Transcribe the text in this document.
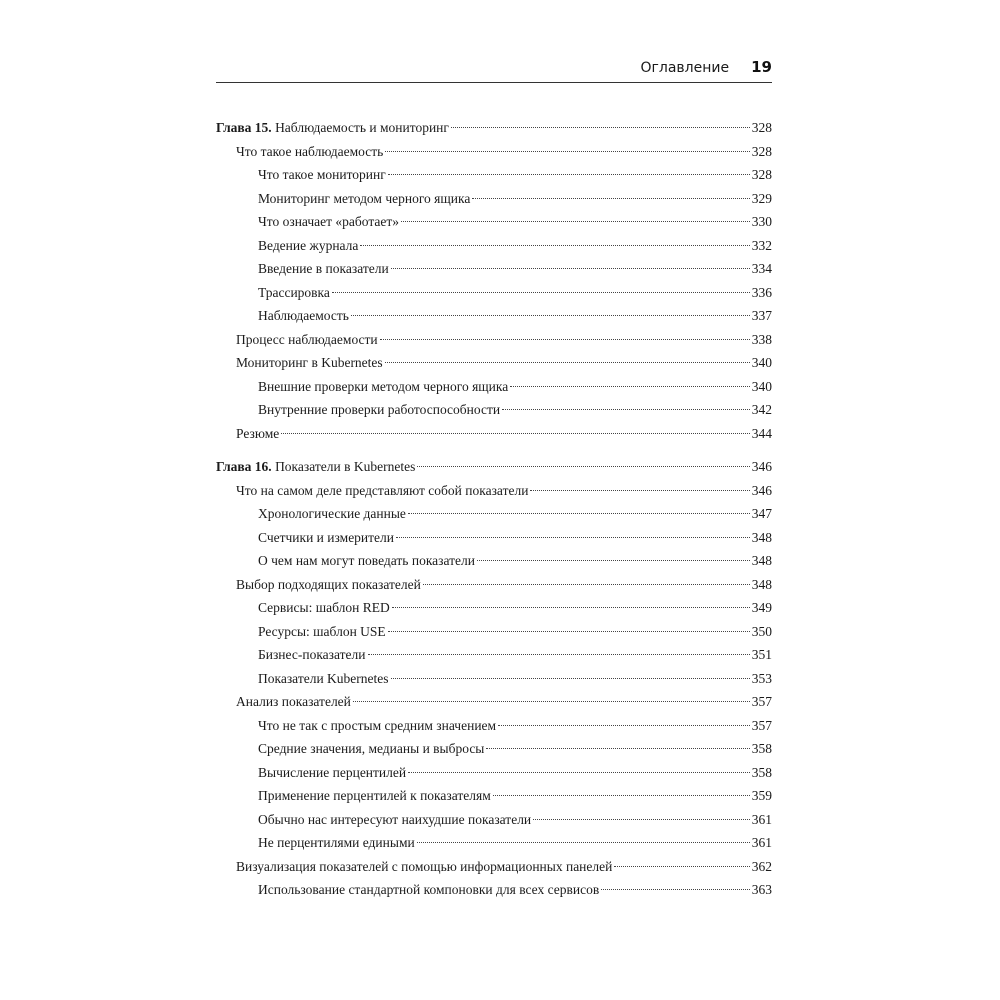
Оглавление 19
Глава 15. Наблюдаемость и мониторинг	328
Что такое наблюдаемость	328
Что такое мониторинг	328
Мониторинг методом черного ящика	329
Что означает «работает»	330
Ведение журнала	332
Введение в показатели	334
Трассировка	336
Наблюдаемость	337
Процесс наблюдаемости	338
Мониторинг в Kubernetes	340
Внешние проверки методом черного ящика	340
Внутренние проверки работоспособности	342
Резюме	344
Глава 16. Показатели в Kubernetes	346
Что на самом деле представляют собой показатели	346
Хронологические данные	347
Счетчики и измерители	348
О чем нам могут поведать показатели	348
Выбор подходящих показателей	348
Сервисы: шаблон RED	349
Ресурсы: шаблон USE	350
Бизнес-показатели	351
Показатели Kubernetes	353
Анализ показателей	357
Что не так с простым средним значением	357
Средние значения, медианы и выбросы	358
Вычисление перцентилей	358
Применение перцентилей к показателям	359
Обычно нас интересуют наихудшие показатели	361
Не перцентилями едиными	361
Визуализация показателей с помощью информационных панелей	362
Использование стандартной компоновки для всех сервисов	363
